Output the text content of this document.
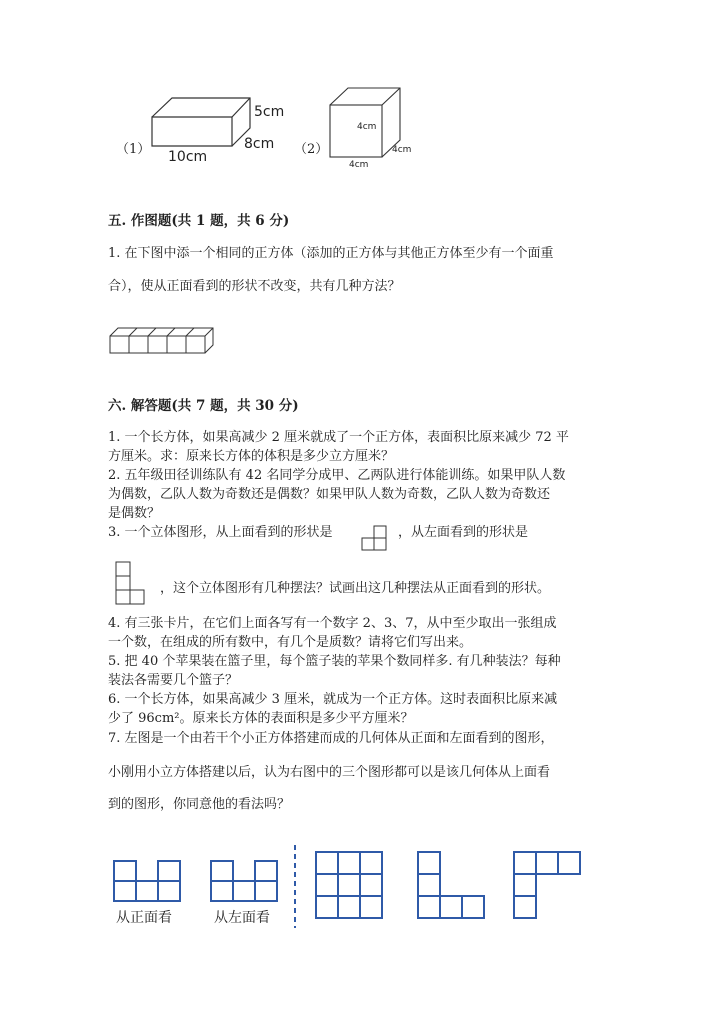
（1）
5cm
8cm
10cm	（2）
4cm
4cm
4cm
五. 作图题(共 1 题，共 6 分)
1. 在下图中添一个相同的正方体（添加的正方体与其他正方体至少有一个面重
合），使从正面看到的形状不改变，共有几种方法？
六. 解答题(共 7 题，共 30 分)
1. 一个长方体，如果高减少 2 厘米就成了一个正方体，表面积比原来减少 72 平
方厘米。求：原来长方体的体积是多少立方厘米？
2. 五年级田径训练队有 42 名同学分成甲、乙两队进行体能训练。如果甲队人数
为偶数，乙队人数为奇数还是偶数？如果甲队人数为奇数，乙队人数为奇数还
是偶数？
3. 一个立体图形，从上面看到的形状是	，从左面看到的形状是
，这个立体图形有几种摆法？试画出这几种摆法从正面看到的形状。
4. 有三张卡片，在它们上面各写有一个数字 2、3、7，从中至少取出一张组成
一个数，在组成的所有数中，有几个是质数？请将它们写出来。
5. 把 40 个苹果装在篮子里，每个篮子装的苹果个数同样多. 有几种装法？每种
装法各需要几个篮子？
6. 一个长方体，如果高减少 3 厘米，就成为一个正方体。这时表面积比原来减
少了 96cm²。原来长方体的表面积是多少平方厘米？
7. 左图是一个由若干个小正方体搭建而成的几何体从正面和左面看到的图形，
小刚用小立方体搭建以后，认为右图中的三个图形都可以是该几何体从上面看
到的图形，你同意他的看法吗？
从正面看	从左面看
